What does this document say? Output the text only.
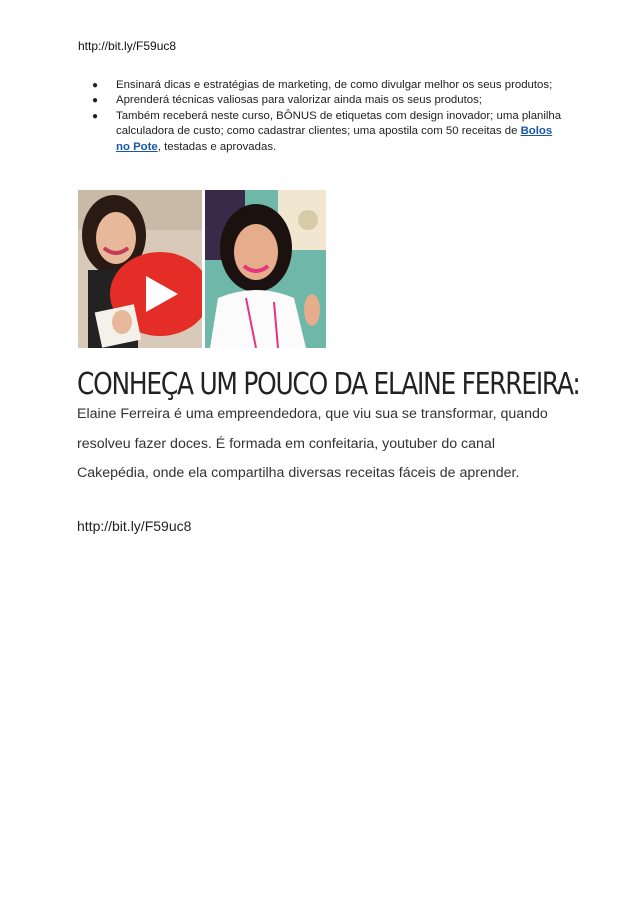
http://bit.ly/F59uc8
● Ensinará dicas e estratégias de marketing, de como divulgar melhor os seus produtos;
● Aprenderá técnicas valiosas para valorizar ainda mais os seus produtos;
● Também receberá neste curso, BÔNUS de etiquetas com design inovador; uma planilha calculadora de custo; como cadastrar clientes; uma apostila com 50 receitas de Bolos no Pote, testadas e aprovadas.
CONHEÇA UM POUCO DA ELAINE FERREIRA:

Elaine Ferreira é uma empreendedora, que viu sua se transformar, quando resolveu fazer doces. É formada em confeitaria, youtuber do canal Cakepédia, onde ela compartilha diversas receitas fáceis de aprender.

http://bit.ly/F59uc8
